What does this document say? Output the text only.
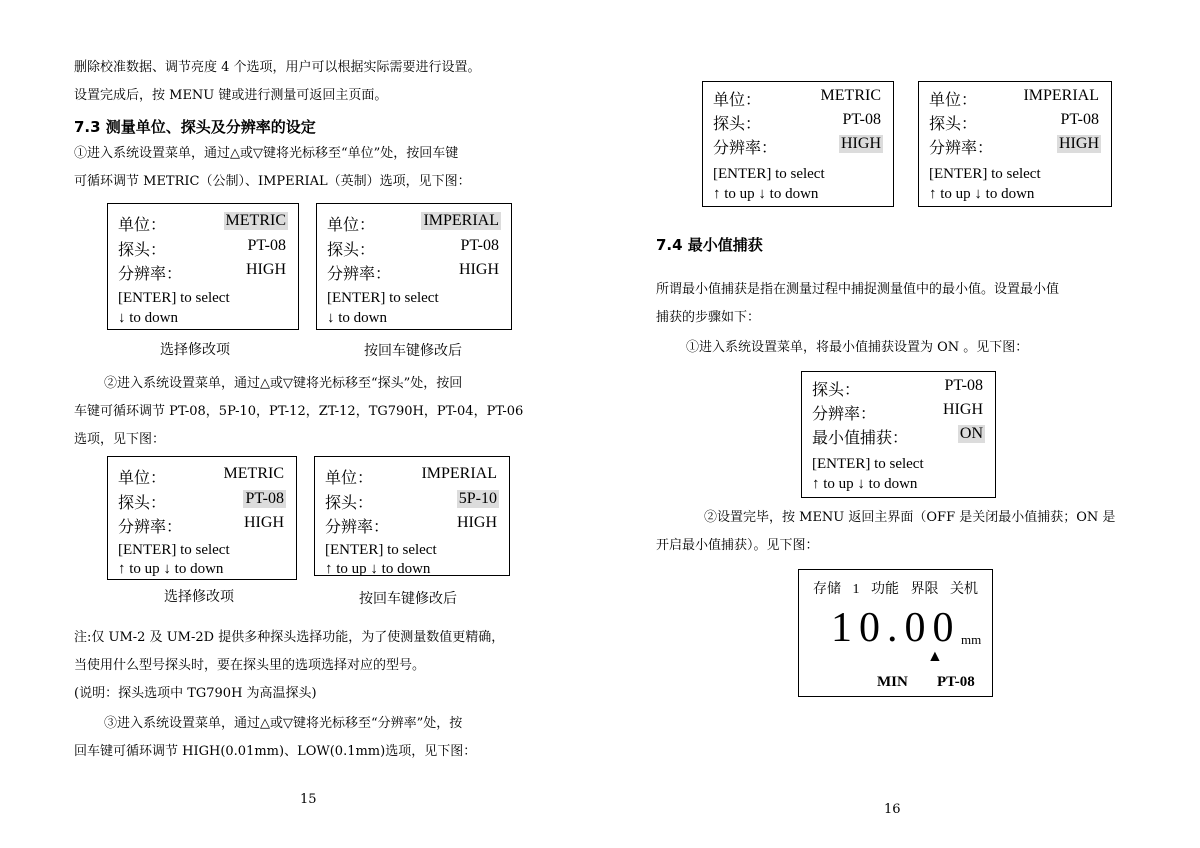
删除校准数据、调节亮度 4 个选项，用户可以根据实际需要进行设置。
设置完成后，按 MENU 键或进行测量可返回主页面。
7.3 测量单位、探头及分辨率的设定
①进入系统设置菜单，通过△或▽键将光标移至“单位”处，按回车键
可循环调节 METRIC（公制）、IMPERIAL（英制）选项，见下图：
单位：	METRIC
探头：	PT-08
分辨率：	HIGH
[ENTER] to select
↓ to down
单位：	IMPERIAL
探头：	PT-08
分辨率：	HIGH
[ENTER] to select
↓ to down
选择修改项	按回车键修改后
②进入系统设置菜单，通过△或▽键将光标移至“探头”处，按回
车键可循环调节 PT-08，5P-10，PT-12，ZT-12，TG790H，PT-04，PT-06
选项，见下图：
单位：	METRIC
探头：	PT-08
分辨率：	HIGH
[ENTER] to select
↑ to up ↓ to down
单位：	IMPERIAL
探头：	5P-10
分辨率：	HIGH
[ENTER] to select
↑ to up ↓ to down
选择修改项	按回车键修改后
注:仅 UM-2 及 UM-2D 提供多种探头选择功能，为了使测量数值更精确，
当使用什么型号探头时，要在探头里的选项选择对应的型号。
(说明：探头选项中 TG790H 为高温探头)
③进入系统设置菜单，通过△或▽键将光标移至“分辨率”处，按
回车键可循环调节 HIGH(0.01mm)、LOW(0.1mm)选项，见下图：
15
单位：	METRIC
探头：	PT-08
分辨率：	HIGH
[ENTER] to select
↑ to up ↓ to down
单位：	IMPERIAL
探头：	PT-08
分辨率：	HIGH
[ENTER] to select
↑ to up ↓ to down
7.4 最小值捕获
所谓最小值捕获是指在测量过程中捕捉测量值中的最小值。设置最小值
捕获的步骤如下：
①进入系统设置菜单，将最小值捕获设置为 ON 。见下图：
探头：	PT-08
分辨率：	HIGH
最小值捕获：	ON
[ENTER] to select
↑ to up ↓ to down
②设置完毕，按 MENU 返回主界面（OFF 是关闭最小值捕获；ON 是
开启最小值捕获）。见下图：
存储 1 功能 界限 关机
10.00 mm
▲
MIN PT-08
16
